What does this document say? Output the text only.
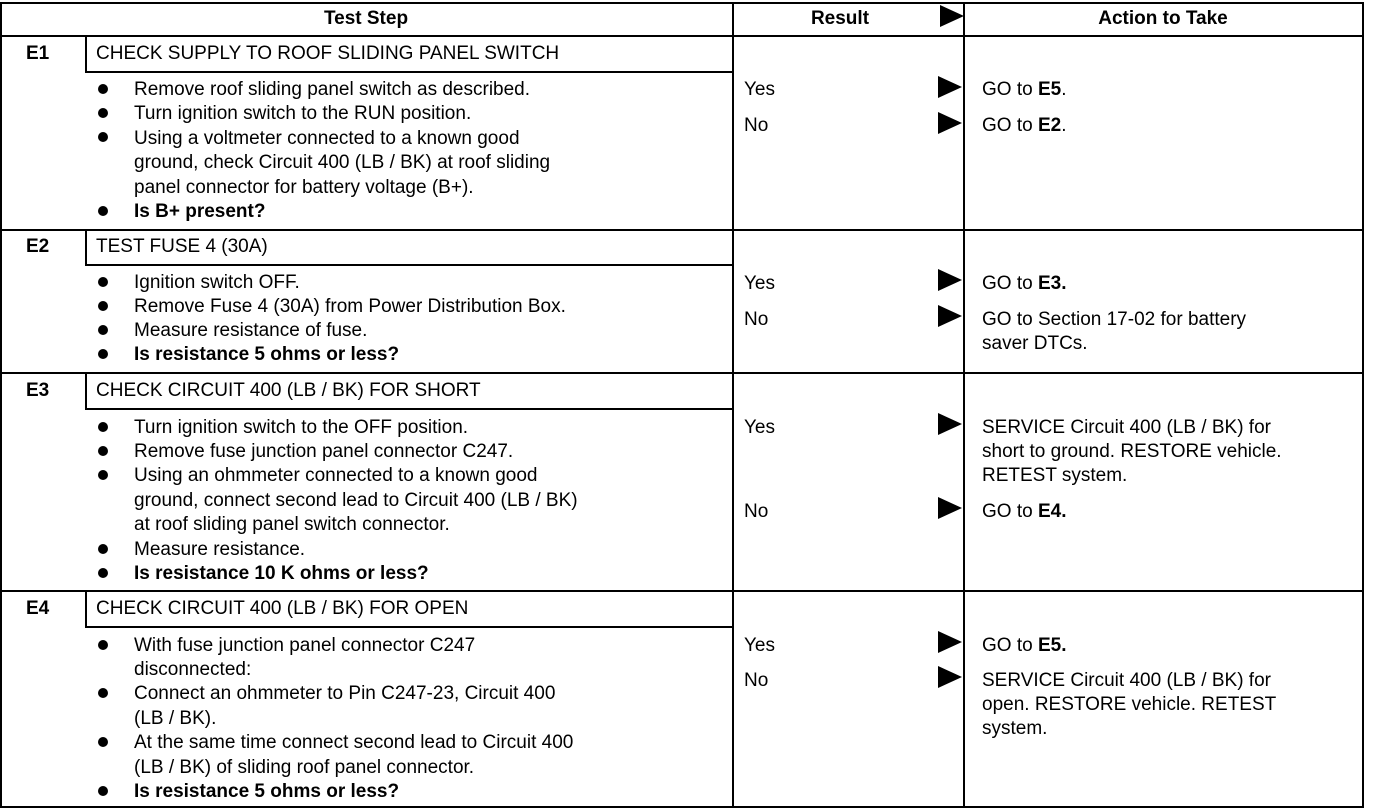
Test Step	Result	Action to Take
E1 CHECK SUPPLY TO ROOF SLIDING PANEL SWITCH
Remove roof sliding panel switch as described.
Turn ignition switch to the RUN position.
Using a voltmeter connected to a known good
ground, check Circuit 400 (LB / BK) at roof sliding
panel connector for battery voltage (B+).
Is B+ present?
Yes
No
GO to E5.
GO to E2.
E2 TEST FUSE 4 (30A)
Ignition switch OFF.
Remove Fuse 4 (30A) from Power Distribution Box.
Measure resistance of fuse.
Is resistance 5 ohms or less?
Yes
No
GO to E3.
GO to Section 17-02 for battery
saver DTCs.
E3 CHECK CIRCUIT 400 (LB / BK) FOR SHORT
Turn ignition switch to the OFF position.
Remove fuse junction panel connector C247.
Using an ohmmeter connected to a known good
ground, connect second lead to Circuit 400 (LB / BK)
at roof sliding panel switch connector.
Measure resistance.
Is resistance 10 K ohms or less?
Yes
No
SERVICE Circuit 400 (LB / BK) for
short to ground. RESTORE vehicle.
RETEST system.
GO to E4.
E4 CHECK CIRCUIT 400 (LB / BK) FOR OPEN
With fuse junction panel connector C247
disconnected:
Connect an ohmmeter to Pin C247-23, Circuit 400
(LB / BK).
At the same time connect second lead to Circuit 400
(LB / BK) of sliding roof panel connector.
Is resistance 5 ohms or less?
Yes
No
GO to E5.
SERVICE Circuit 400 (LB / BK) for
open. RESTORE vehicle. RETEST
system.
